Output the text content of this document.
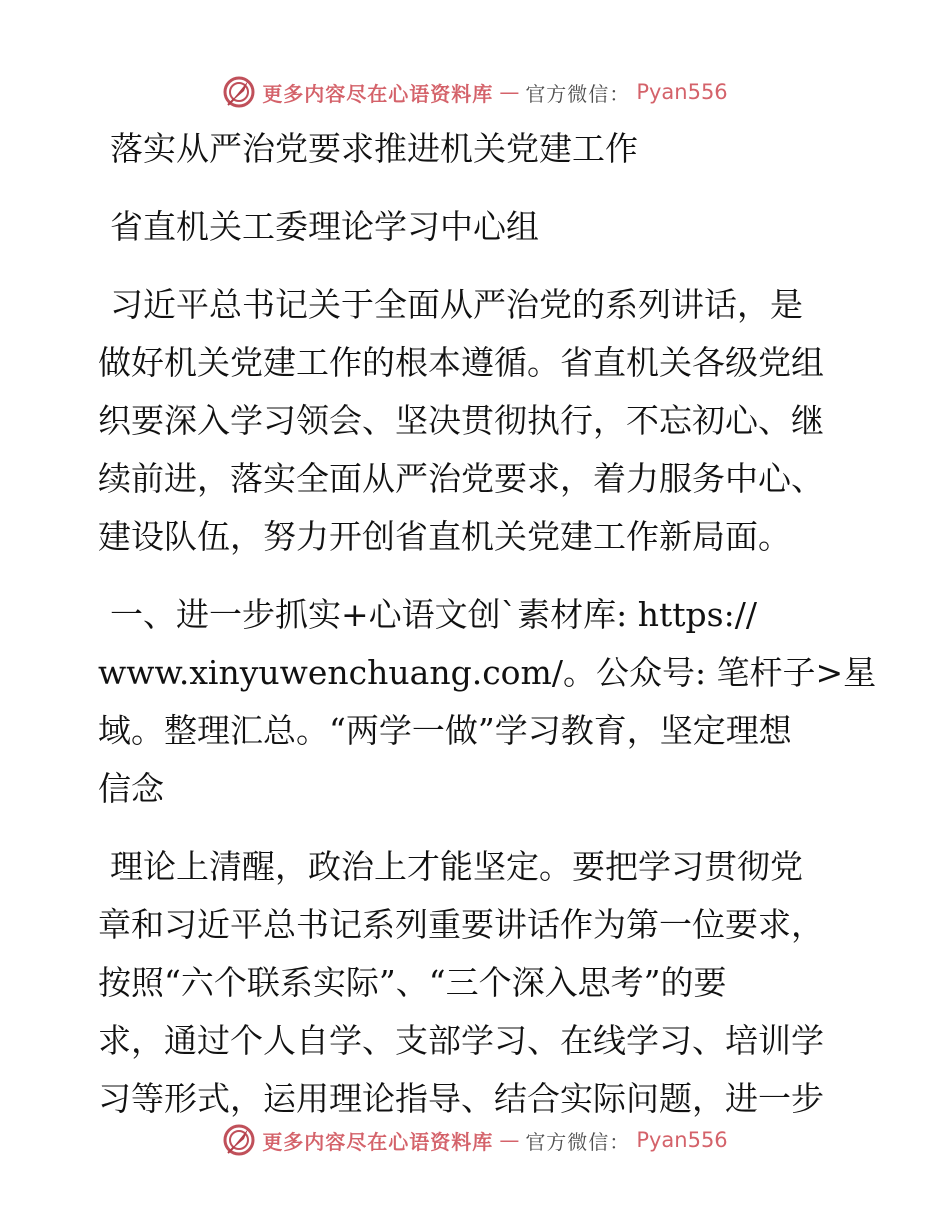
更多内容尽在心语资料库 — 官方微信： Pyan556
落实从严治党要求推进机关党建工作
省直机关工委理论学习中心组
习近平总书记关于全面从严治党的系列讲话，是
做好机关党建工作的根本遵循。省直机关各级党组
织要深入学习领会、坚决贯彻执行，不忘初心、继
续前进，落实全面从严治党要求，着力服务中心、
建设队伍，努力开创省直机关党建工作新局面。
一、进一步抓实+心语文创`素材库: https://
www.xinyuwenchuang.com/。公众号: 笔杆子>星
域。整理汇总。“两学一做”学习教育，坚定理想
信念
理论上清醒，政治上才能坚定。要把学习贯彻党
章和习近平总书记系列重要讲话作为第一位要求，
按照“六个联系实际”、“三个深入思考”的要
求，通过个人自学、支部学习、在线学习、培训学
习等形式，运用理论指导、结合实际问题，进一步
更多内容尽在心语资料库 — 官方微信： Pyan556
